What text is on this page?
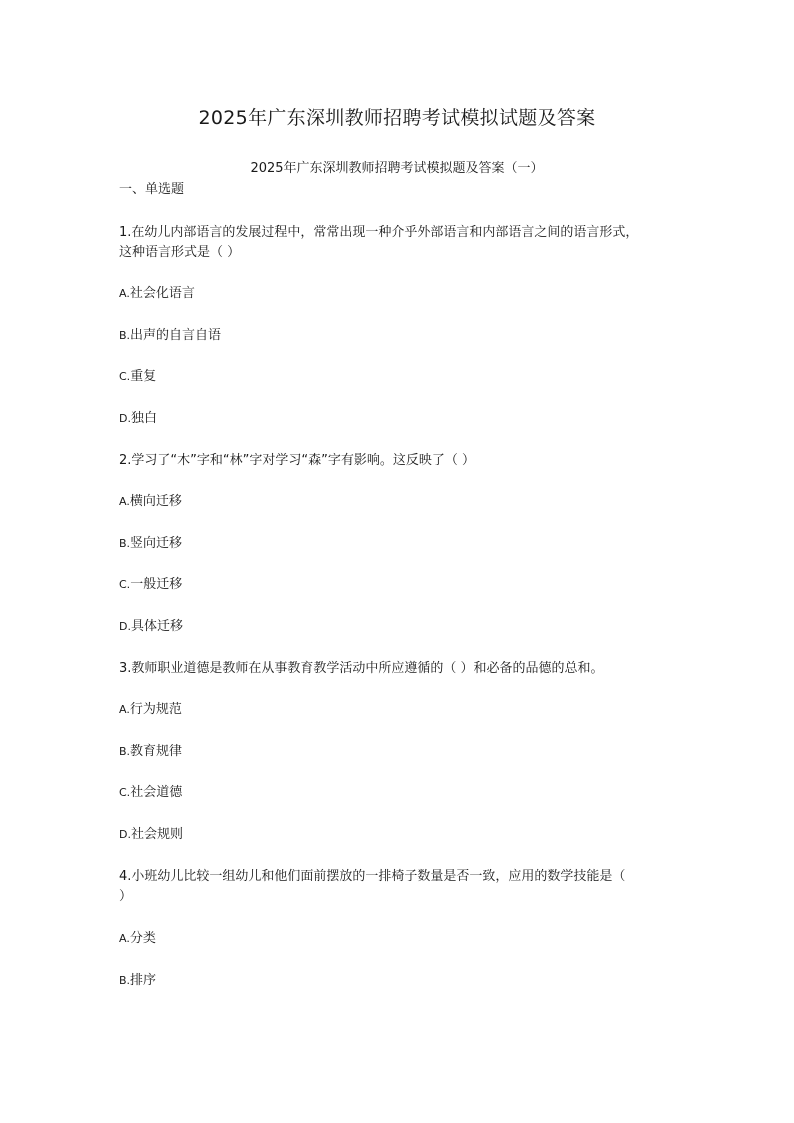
2025年广东深圳教师招聘考试模拟试题及答案
2025年广东深圳教师招聘考试模拟题及答案（一）
一、单选题
1.在幼儿内部语言的发展过程中，常常出现一种介乎外部语言和内部语言之间的语言形式，
这种语言形式是（ ）
A.社会化语言
B.出声的自言自语
C.重复
D.独白
2.学习了“木”字和“林”字对学习“森”字有影响。这反映了（ ）
A.横向迁移
B.竖向迁移
C.一般迁移
D.具体迁移
3.教师职业道德是教师在从事教育教学活动中所应遵循的（ ）和必备的品德的总和。
A.行为规范
B.教育规律
C.社会道德
D.社会规则
4.小班幼儿比较一组幼儿和他们面前摆放的一排椅子数量是否一致，应用的数学技能是（
）
A.分类
B.排序
